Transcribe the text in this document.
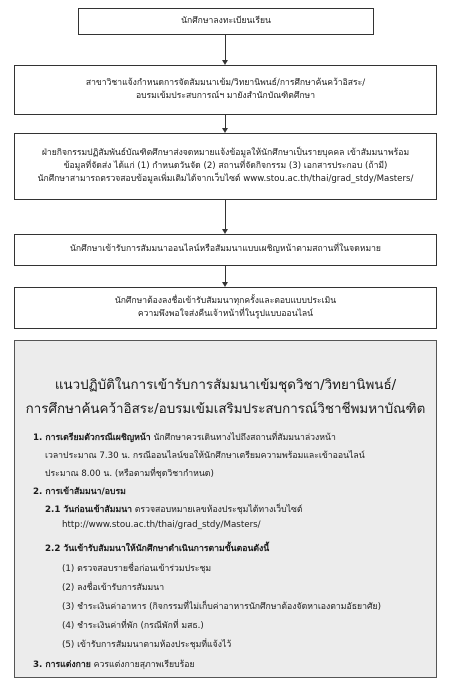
นักศึกษาลงทะเบียนเรียน
สาขาวิชาแจ้งกำหนดการจัดสัมมนาเข้ม/วิทยานิพนธ์/การศึกษาค้นคว้าอิสระ/
อบรมเข้มประสบการณ์ฯ มายังสำนักบัณฑิตศึกษา
ฝ่ายกิจกรรมปฏิสัมพันธ์บัณฑิตศึกษาส่งจดหมายแจ้งข้อมูลให้นักศึกษาเป็นรายบุคคล เข้าสัมมนาพร้อม
ข้อมูลที่จัดส่ง ได้แก่ (1) กำหนดวันจัด (2) สถานที่จัดกิจกรรม (3) เอกสารประกอบ (ถ้ามี)
นักศึกษาสามารถตรวจสอบข้อมูลเพิ่มเติมได้จากเว็บไซต์ www.stou.ac.th/thai/grad_stdy/Masters/
นักศึกษาเข้ารับการสัมมนาออนไลน์หรือสัมมนาแบบเผชิญหน้าตามสถานที่ในจดหมาย
นักศึกษาต้องลงชื่อเข้ารับสัมมนาทุกครั้งและตอบแบบประเมิน
ความพึงพอใจส่งคืนเจ้าหน้าที่ในรูปแบบออนไลน์
แนวปฏิบัติในการเข้ารับการสัมมนาเข้มชุดวิชา/วิทยานิพนธ์/
การศึกษาค้นคว้าอิสระ/อบรมเข้มเสริมประสบการณ์วิชาชีพมหาบัณฑิต
1. การเตรียมตัวกรณีเผชิญหน้า นักศึกษาควรเดินทางไปถึงสถานที่สัมมนาล่วงหน้า
เวลาประมาณ 7.30 น. กรณีออนไลน์ขอให้นักศึกษาเตรียมความพร้อมและเข้าออนไลน์
ประมาณ 8.00 น. (หรือตามที่ชุดวิชากำหนด)
2. การเข้าสัมมนา/อบรม
2.1 วันก่อนเข้าสัมมนา ตรวจสอบหมายเลขห้องประชุมได้ทางเว็บไซต์
http://www.stou.ac.th/thai/grad_stdy/Masters/
2.2 วันเข้ารับสัมมนาให้นักศึกษาดำเนินการตามขั้นตอนดังนี้
(1) ตรวจสอบรายชื่อก่อนเข้าร่วมประชุม
(2) ลงชื่อเข้ารับการสัมมนา
(3) ชำระเงินค่าอาหาร (กิจกรรมที่ไม่เก็บค่าอาหารนักศึกษาต้องจัดหาเองตามอัธยาศัย)
(4) ชำระเงินค่าที่พัก (กรณีพักที่ มสธ.)
(5) เข้ารับการสัมมนาตามห้องประชุมที่แจ้งไว้
3. การแต่งกาย ควรแต่งกายสุภาพเรียบร้อย
